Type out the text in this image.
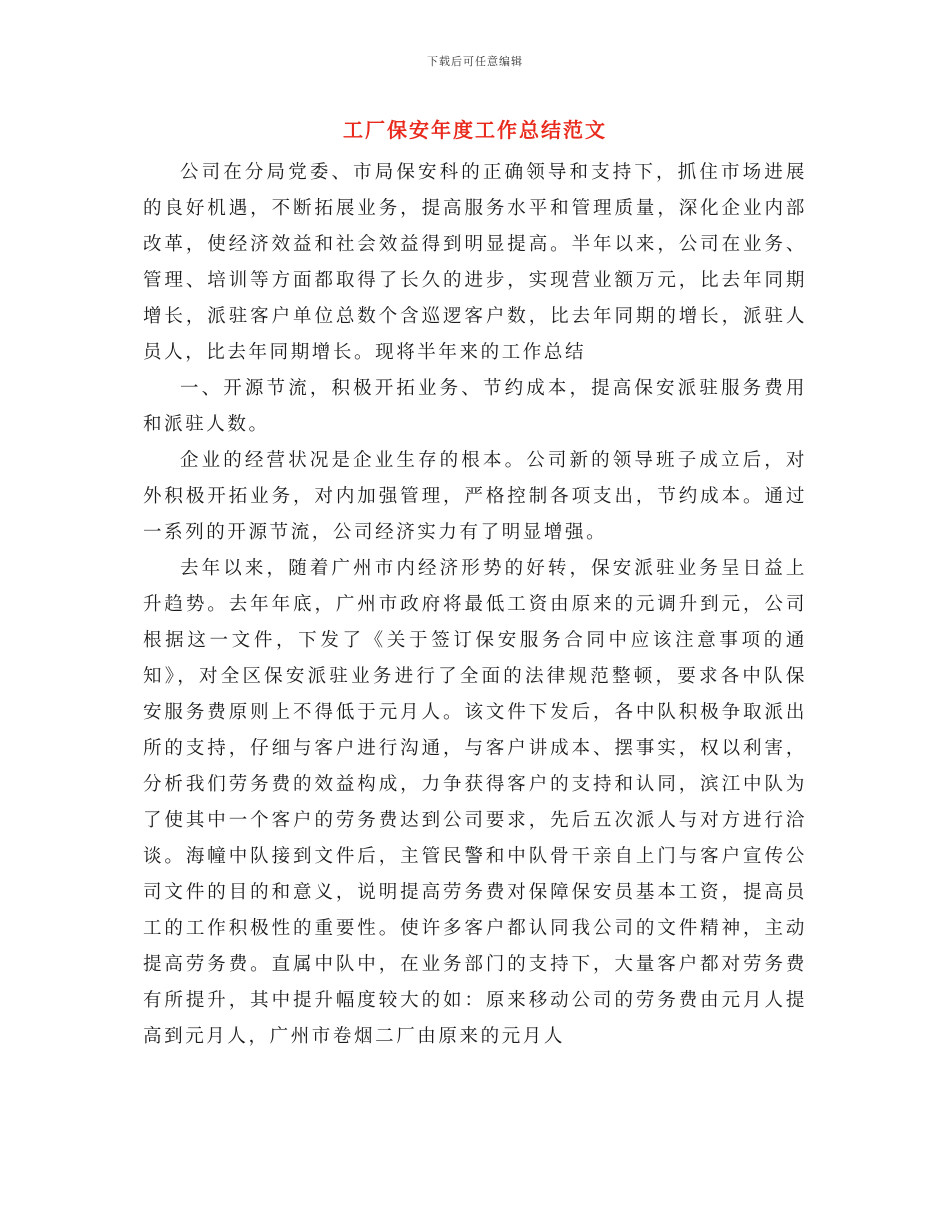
下载后可任意编辑
工厂保安年度工作总结范文

公司在分局党委、市局保安科的正确领导和支持下，抓住市场进展的良好机遇，不断拓展业务，提高服务水平和管理质量，深化企业内部改革，使经济效益和社会效益得到明显提高。半年以来，公司在业务、管理、培训等方面都取得了长久的进步，实现营业额万元，比去年同期增长，派驻客户单位总数个含巡逻客户数，比去年同期的增长，派驻人员人，比去年同期增长。现将半年来的工作总结

一、开源节流，积极开拓业务、节约成本，提高保安派驻服务费用和派驻人数。

企业的经营状况是企业生存的根本。公司新的领导班子成立后，对外积极开拓业务，对内加强管理，严格控制各项支出，节约成本。通过一系列的开源节流，公司经济实力有了明显增强。

去年以来，随着广州市内经济形势的好转，保安派驻业务呈日益上升趋势。去年年底，广州市政府将最低工资由原来的元调升到元，公司根据这一文件，下发了《关于签订保安服务合同中应该注意事项的通知》，对全区保安派驻业务进行了全面的法律规范整顿，要求各中队保安服务费原则上不得低于元月人。该文件下发后，各中队积极争取派出所的支持，仔细与客户进行沟通，与客户讲成本、摆事实，权以利害，分析我们劳务费的效益构成，力争获得客户的支持和认同，滨江中队为了使其中一个客户的劳务费达到公司要求，先后五次派人与对方进行洽谈。海幢中队接到文件后，主管民警和中队骨干亲自上门与客户宣传公司文件的目的和意义，说明提高劳务费对保障保安员基本工资，提高员工的工作积极性的重要性。使许多客户都认同我公司的文件精神，主动提高劳务费。直属中队中，在业务部门的支持下，大量客户都对劳务费有所提升，其中提升幅度较大的如：原来移动公司的劳务费由元月人提高到元月人，广州市卷烟二厂由原来的元月人
